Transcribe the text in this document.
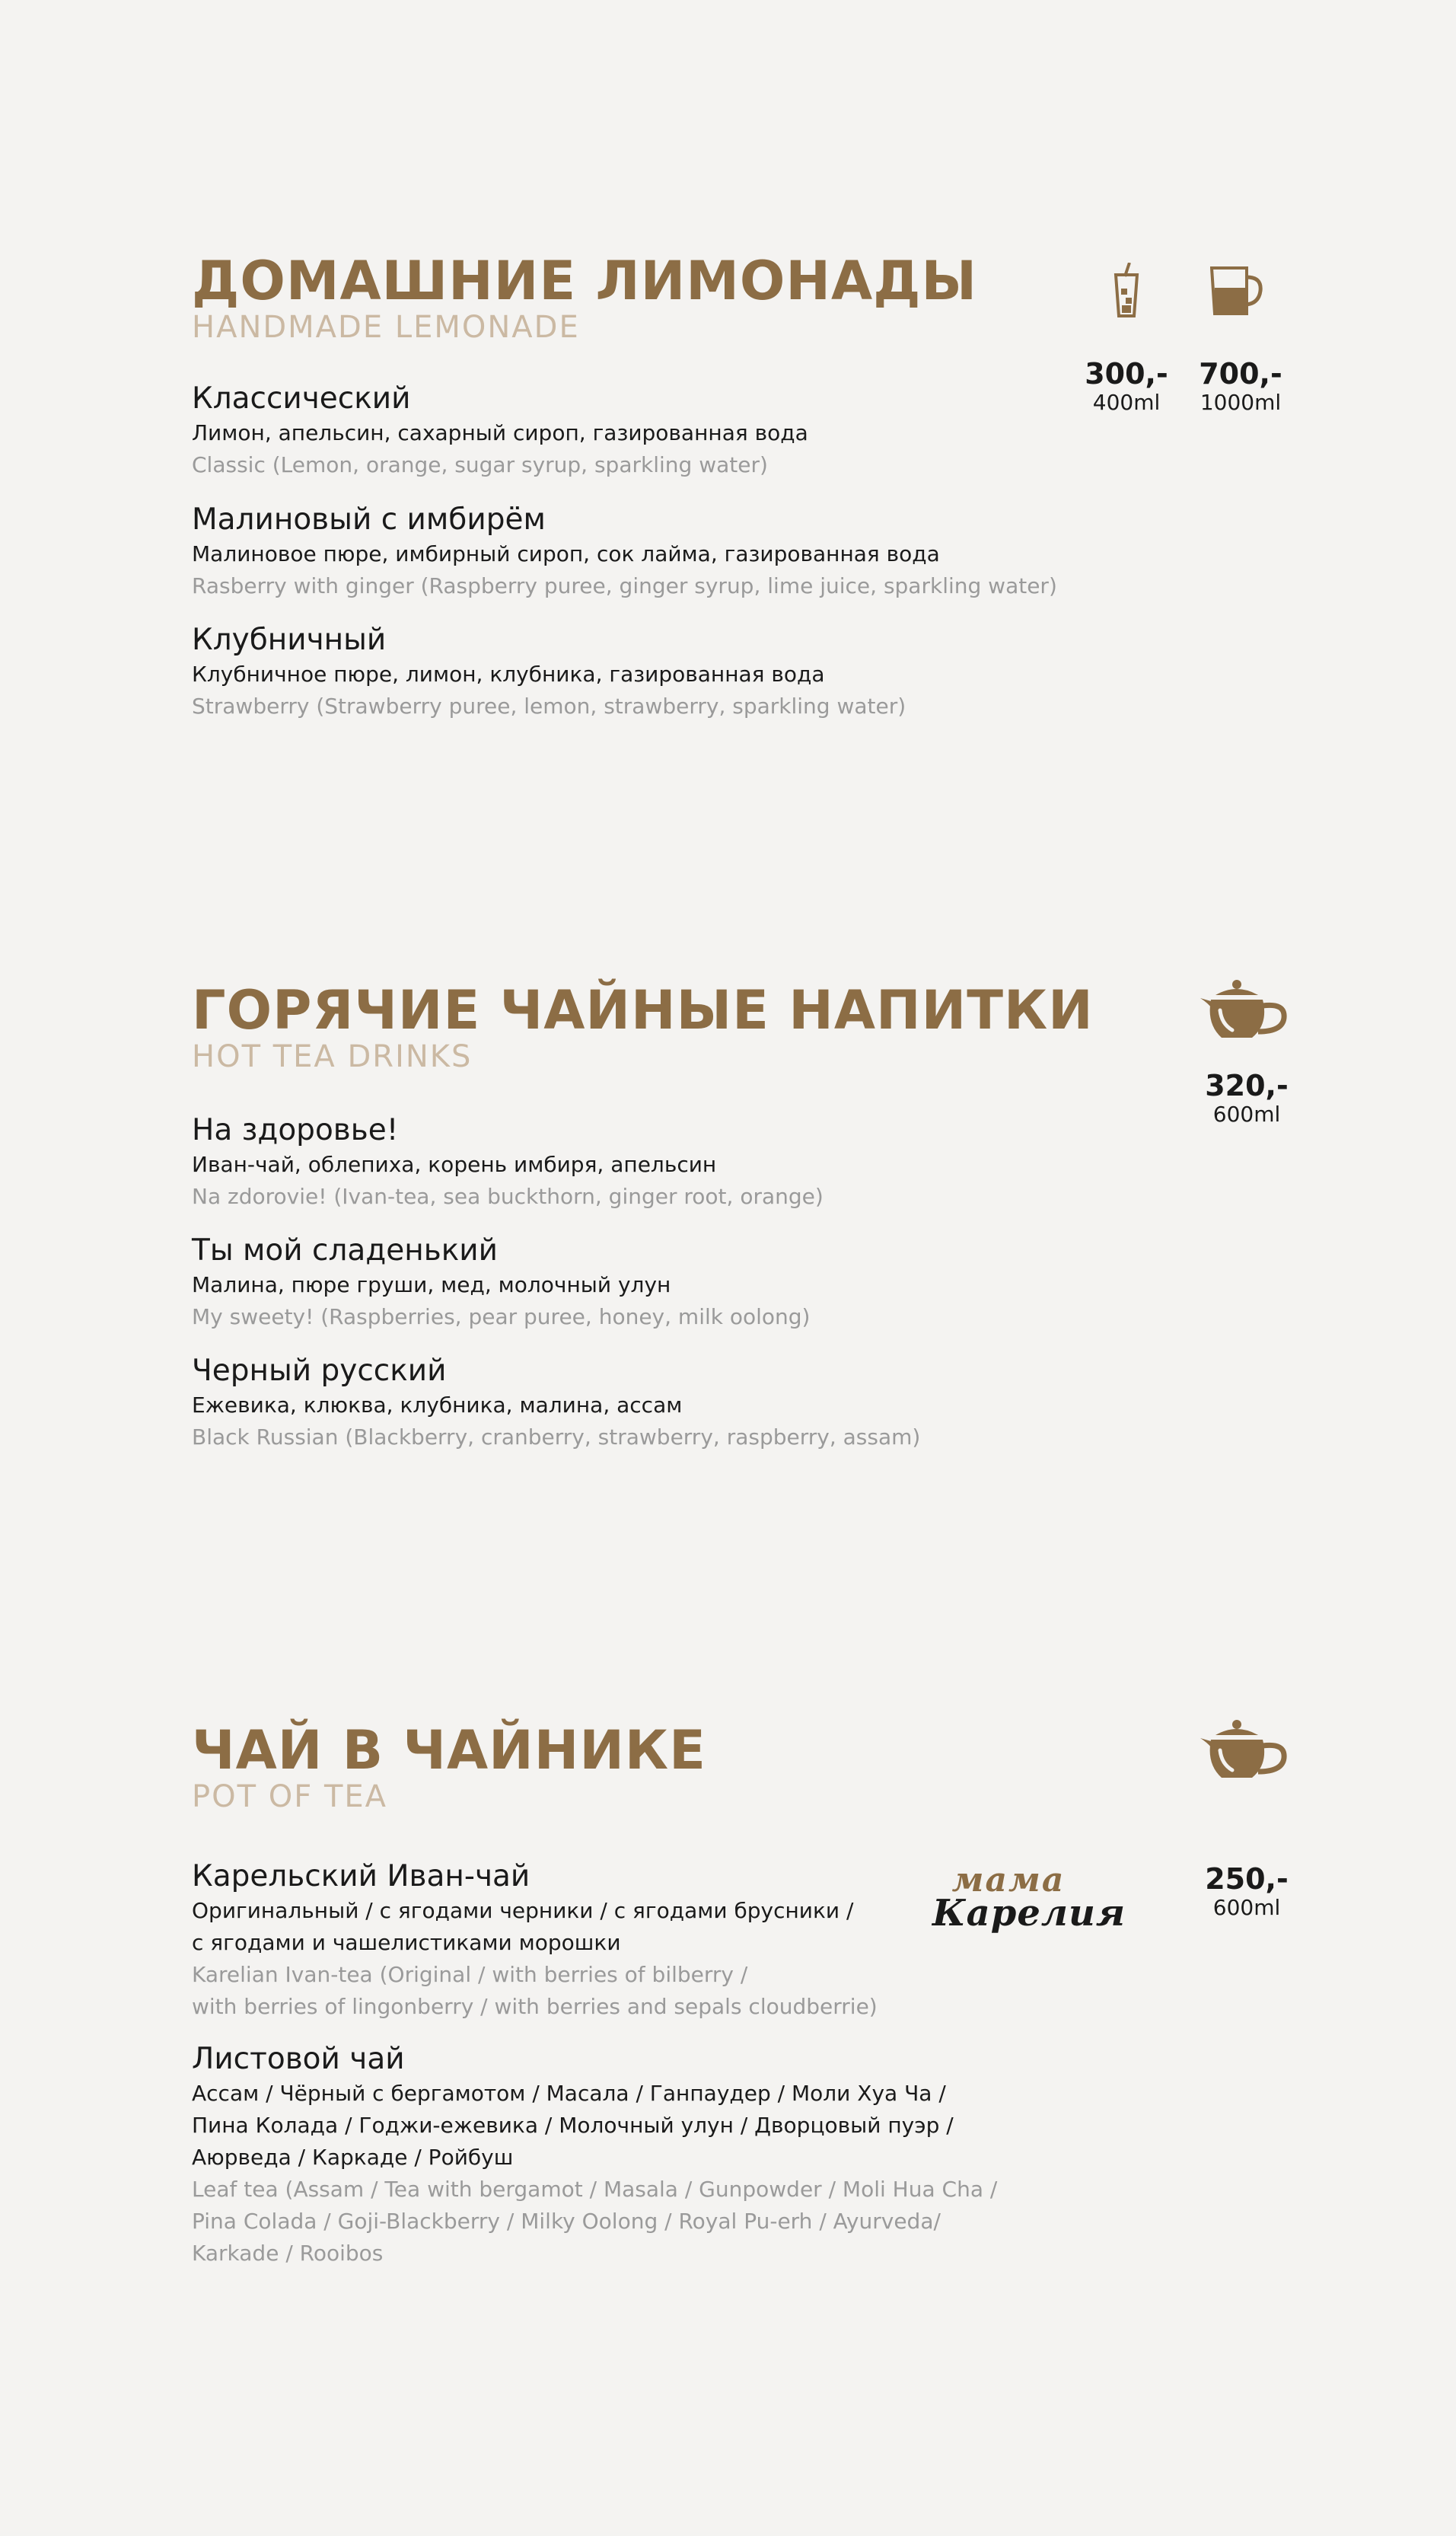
ДОМАШНИЕ ЛИМОНАДЫ
HANDMADE LEMONADE
300,-
400ml
700,-
1000ml
Классический
Лимон, апельсин, сахарный сироп, газированная вода
Classic (Lemon, orange, sugar syrup, sparkling water)
Малиновый с имбирём
Малиновое пюре, имбирный сироп, сок лайма, газированная вода
Rasberry with ginger (Raspberry puree, ginger syrup, lime juice, sparkling water)
Клубничный
Клубничное пюре, лимон, клубника, газированная вода
Strawberry (Strawberry puree, lemon, strawberry, sparkling water)
ГОРЯЧИЕ ЧАЙНЫЕ НАПИТКИ
HOT TEA DRINKS
320,-
600ml
На здоровье!
Иван-чай, облепиха, корень имбиря, апельсин
Na zdorovie! (Ivan-tea, sea buckthorn, ginger root, orange)
Ты мой сладенький
Малина, пюре груши, мед, молочный улун
My sweety! (Raspberries, pear puree, honey, milk oolong)
Черный русский
Ежевика, клюква, клубника, малина, ассам
Black Russian (Blackberry, cranberry, strawberry, raspberry, assam)
ЧАЙ В ЧАЙНИКЕ
POT OF TEA
мама
Карелия
250,-
600ml
Карельский Иван-чай
Оригинальный / с ягодами черники / с ягодами брусники /
с ягодами и чашелистиками морошки
Karelian Ivan-tea (Original / with berries of bilberry /
with berries of lingonberry / with berries and sepals cloudberrie)
Листовой чай
Ассам / Чёрный с бергамотом / Масала / Ганпаудер / Моли Хуа Ча /
Пина Колада / Годжи-ежевика / Молочный улун / Дворцовый пуэр /
Аюрведа / Каркаде / Ройбуш
Leaf tea (Assam / Tea with bergamot / Masala / Gunpowder / Moli Hua Cha /
Pina Colada / Goji-Blackberry / Milky Oolong / Royal Pu-erh / Ayurveda/
Karkade / Rooibos
